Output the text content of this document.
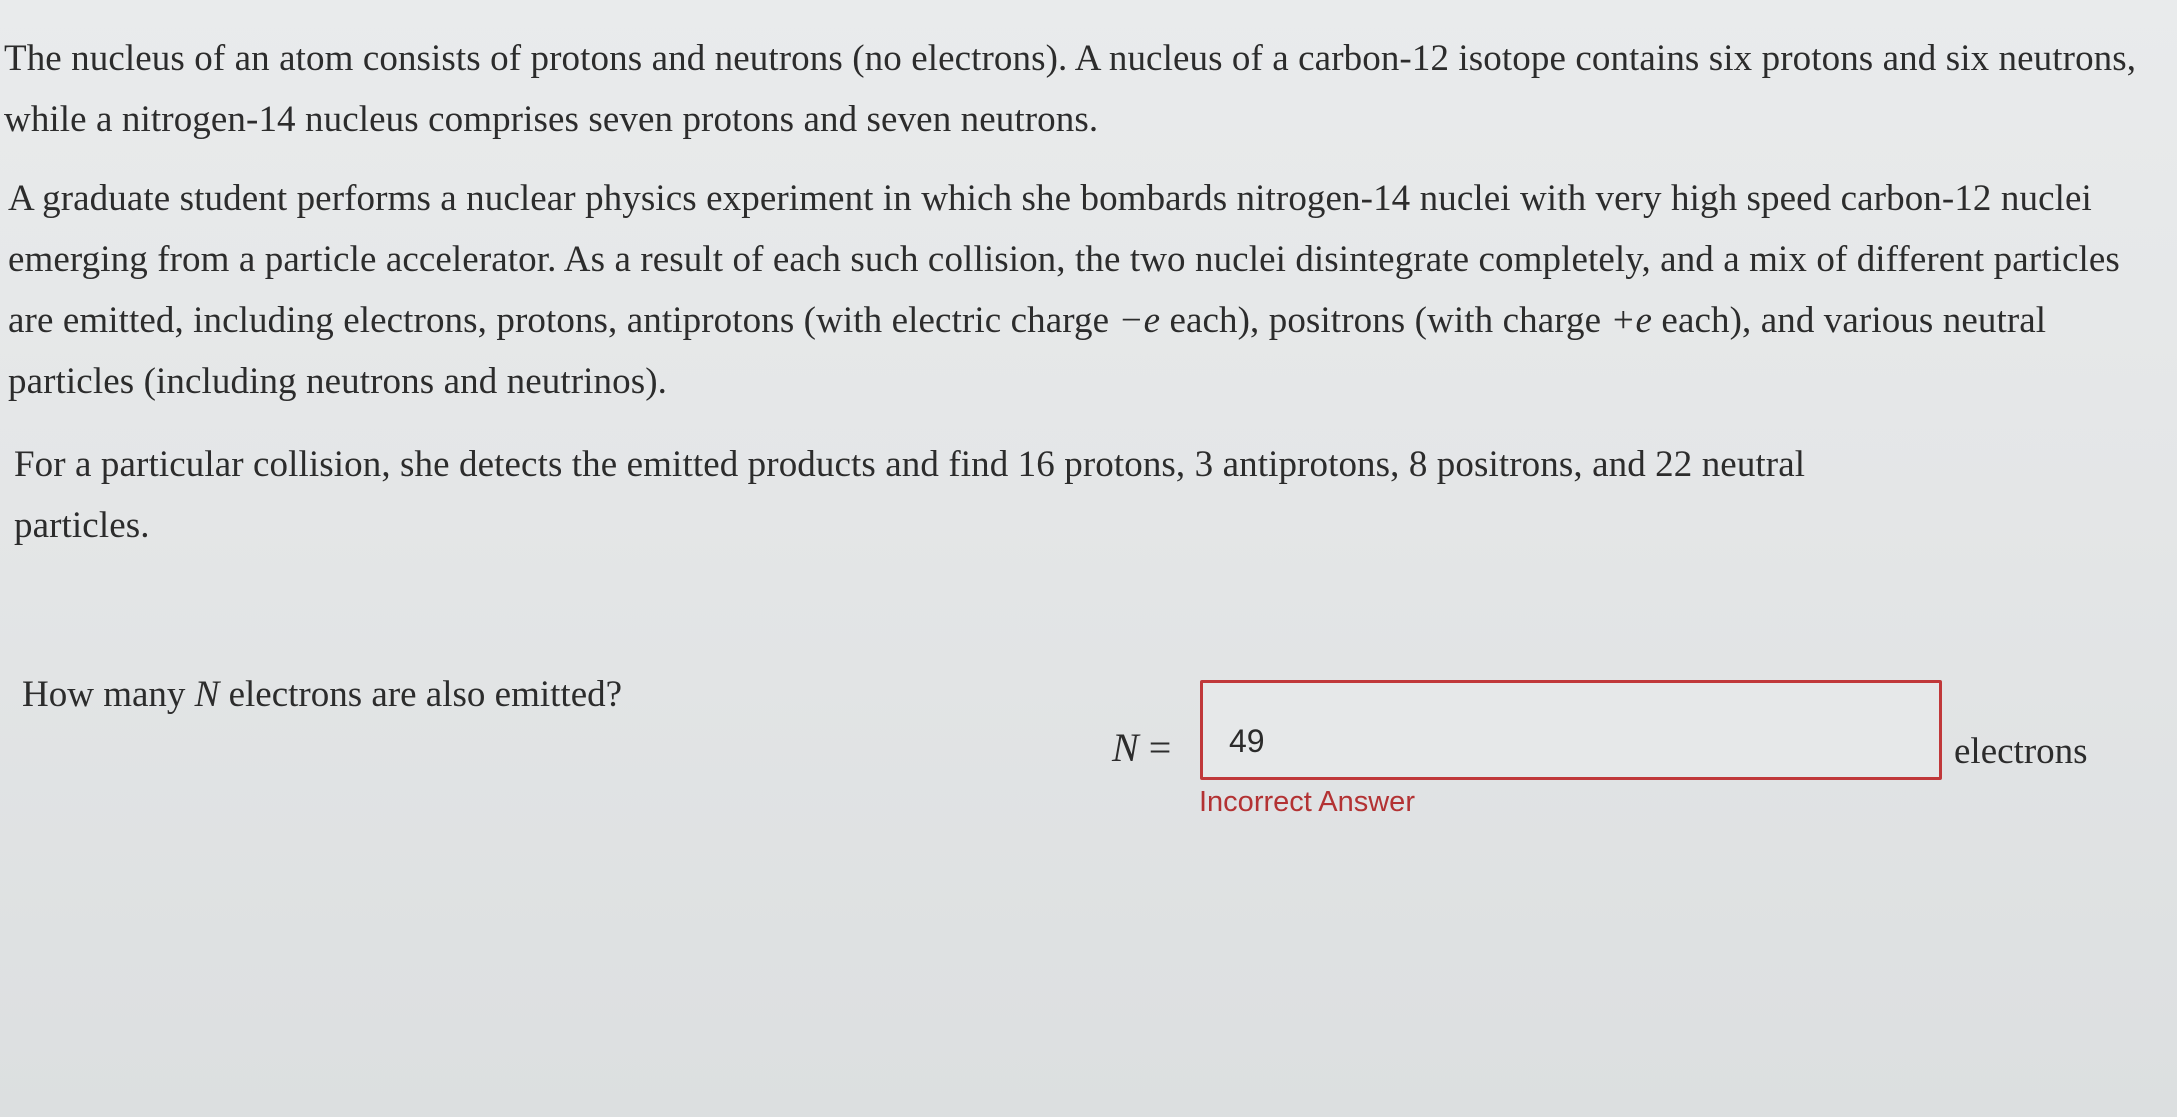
The nucleus of an atom consists of protons and neutrons (no electrons). A nucleus of a carbon-12 isotope contains six protons and six neutrons, while a nitrogen-14 nucleus comprises seven protons and seven neutrons.

A graduate student performs a nuclear physics experiment in which she bombards nitrogen-14 nuclei with very high speed carbon-12 nuclei emerging from a particle accelerator. As a result of each such collision, the two nuclei disintegrate completely, and a mix of different particles are emitted, including electrons, protons, antiprotons (with electric charge −e each), positrons (with charge +e each), and various neutral particles (including neutrons and neutrinos).

For a particular collision, she detects the emitted products and find 16 protons, 3 antiprotons, 8 positrons, and 22 neutral particles.

How many N electrons are also emitted?

N =
49	electrons
Incorrect Answer
